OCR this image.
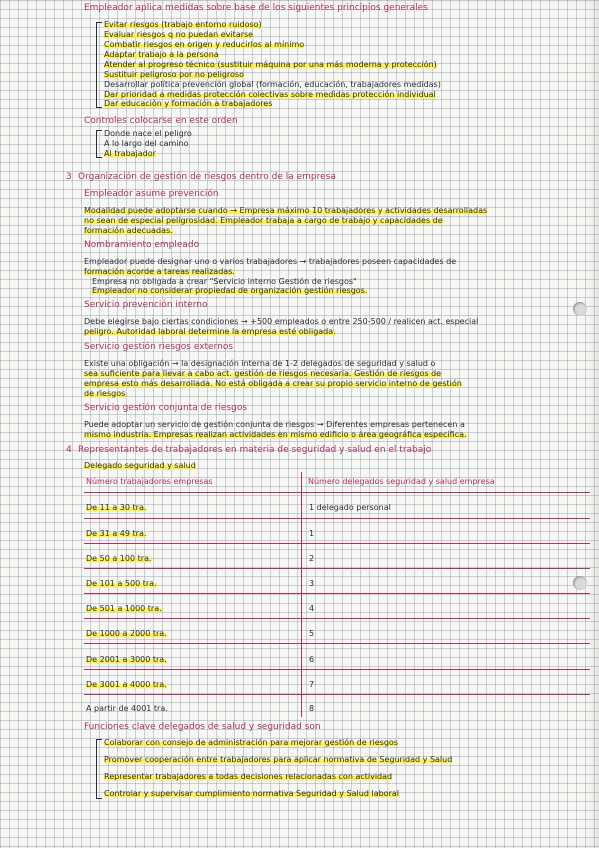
Empleador aplica medidas sobre base de los siguientes principios generales
Evitar riesgos (trabajo entorno ruidoso)
Evaluar riesgos q no puedan evitarse
Combatir riesgos en origen y reducirlos al mínimo
Adaptar trabajo a la persona
Atender al progreso técnico (sustituir máquina por una más moderna y protección)
Sustituir peligroso por no peligroso
Desarrollar política prevención global (formación, educación, trabajadores medidas)
Dar prioridad a medidas protección colectivas sobre medidas protección individual
Dar educación y formación a trabajadores
Controles colocarse en este orden
Donde nace el peligro
A lo largo del camino
Al trabajador
3 Organización de gestión de riesgos dentro de la empresa
Empleador asume prevención
Modalidad puede adoptarse cuando → Empresa máximo 10 trabajadores y actividades desarrolladas
no sean de especial peligrosidad. Empleador trabaja a cargo de trabajo y capacidades de
formación adecuadas.
Nombramiento empleado
Empleador puede designar uno o varios trabajadores → trabajadores poseen capacidades de
formación acorde a tareas realizadas.
Empresa no obligada a crear "Servicio interno Gestión de riesgos"
Empleador no considerar propiedad de organización gestión riesgos.
Servicio prevención interno
Debe elegirse bajo ciertas condiciones → +500 empleados o entre 250-500 / realicen act. especial
peligro. Autoridad laboral determine la empresa esté obligada.
Servicio gestión riesgos externos
Existe una obligación → la designación interna de 1-2 delegados de seguridad y salud o
sea suficiente para llevar a cabo act. gestión de riesgos necesaria. Gestión de riesgos de
empresa esto más desarrollada. No está obligada a crear su propio servicio interno de gestión
de riesgos
Servicio gestión conjunta de riesgos
Puede adoptar un servicio de gestión conjunta de riesgos → Diferentes empresas pertenecen a
mismo industria. Empresas realizan actividades en mismo edificio o área geográfica específica.
4 Representantes de trabajadores en materia de seguridad y salud en el trabajo
Delegado seguridad y salud
Número trabajadores empresas	Número delegados seguridad y salud empresa
De 11 a 30 tra.	1 delegado personal
De 31 a 49 tra.	1
De 50 a 100 tra.	2
De 101 a 500 tra.	3
De 501 a 1000 tra.	4
De 1000 a 2000 tra.	5
De 2001 a 3000 tra.	6
De 3001 a 4000 tra.	7
A partir de 4001 tra.	8
Funciones clave delegados de salud y seguridad son
Colaborar con consejo de administración para mejorar gestión de riesgos
Promover cooperación entre trabajadores para aplicar normativa de Seguridad y Salud
Representar trabajadores a todas decisiones relacionadas con actividad
Controlar y supervisar cumplimiento normativa Seguridad y Salud laboral
